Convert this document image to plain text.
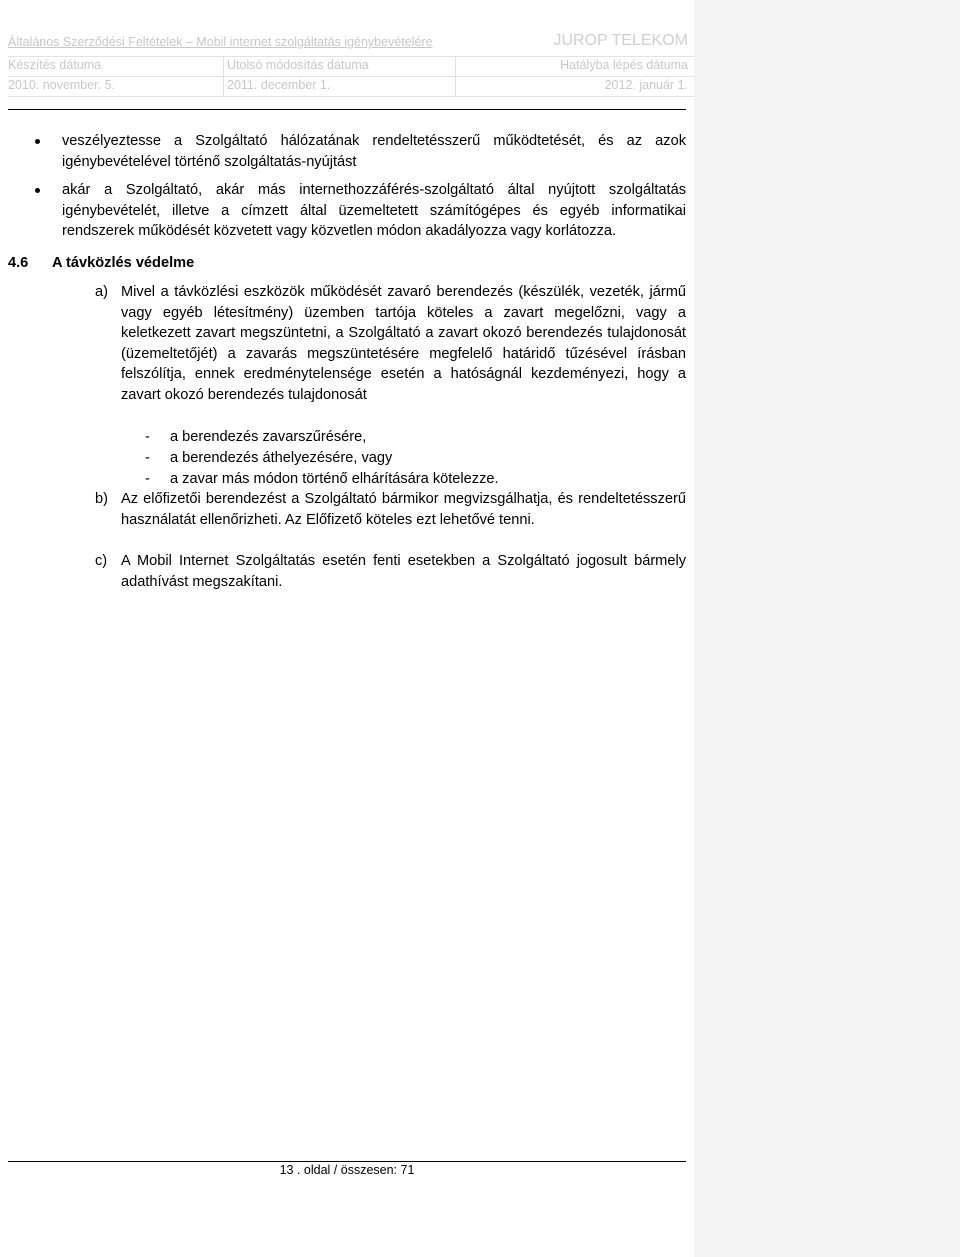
Általános Szerződési Feltételek – Mobil internet szolgáltatás igénybevételére	JUROP TELEKOM
Készítés dátuma	Utolsó módosítás dátuma	Hatályba lépés dátuma
2010. november. 5.	2011. december 1.	2012. január 1.
veszélyeztesse a Szolgáltató hálózatának rendeltetésszerű működtetését, és az azok igénybevételével történő szolgáltatás-nyújtást
akár a Szolgáltató, akár más internethozzáférés-szolgáltató által nyújtott szolgáltatás igénybevételét, illetve a címzett által üzemeltetett számítógépes és egyéb informatikai rendszerek működését közvetett vagy közvetlen módon akadályozza vagy korlátozza.
4.6 A távközlés védelme
a) Mivel a távközlési eszközök működését zavaró berendezés (készülék, vezeték, jármű vagy egyéb létesítmény) üzemben tartója köteles a zavart megelőzni, vagy a keletkezett zavart megszüntetni, a Szolgáltató a zavart okozó berendezés tulajdonosát (üzemeltetőjét) a zavarás megszüntetésére megfelelő határidő tűzésével írásban felszólítja, ennek eredménytelensége esetén a hatóságnál kezdeményezi, hogy a zavart okozó berendezés tulajdonosát
- a berendezés zavarszűrésére,
- a berendezés áthelyezésére, vagy
- a zavar más módon történő elhárítására kötelezze.
b) Az előfizetői berendezést a Szolgáltató bármikor megvizsgálhatja, és rendeltetésszerű használatát ellenőrizheti. Az Előfizető köteles ezt lehetővé tenni.
c) A Mobil Internet Szolgáltatás esetén fenti esetekben a Szolgáltató jogosult bármely adathívást megszakítani.
13 . oldal / összesen: 71
